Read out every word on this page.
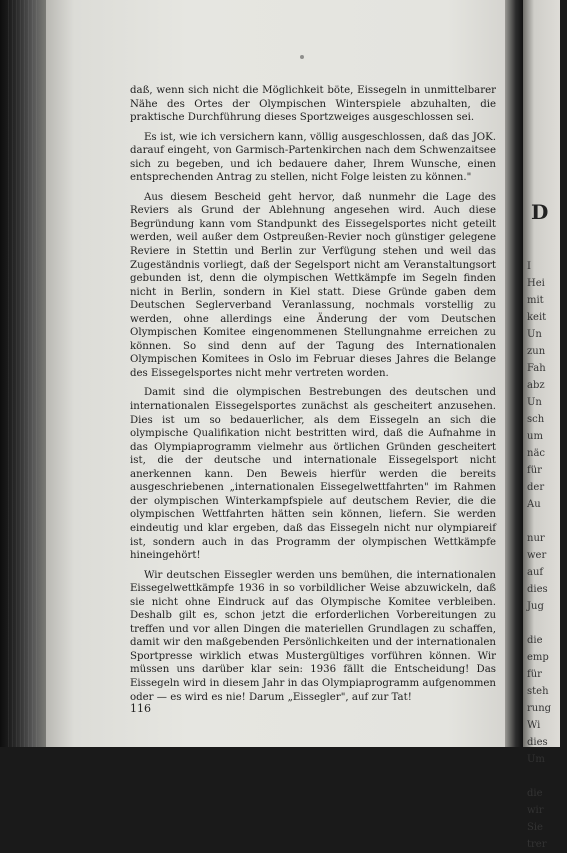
daß, wenn sich nicht die Möglichkeit böte, Eissegeln in unmittelbarer Nähe des Ortes der Olympischen Winterspiele abzuhalten, die praktische Durchführung dieses Sportzweiges ausgeschlossen sei.

Es ist, wie ich versichern kann, völlig ausgeschlossen, daß das JOK. darauf eingeht, von Garmisch-Partenkirchen nach dem Schwenzaitsee sich zu begeben, und ich bedauere daher, Ihrem Wunsche, einen entsprechenden Antrag zu stellen, nicht Folge leisten zu können."

Aus diesem Bescheid geht hervor, daß nunmehr die Lage des Reviers als Grund der Ablehnung angesehen wird. Auch diese Begründung kann vom Standpunkt des Eissegelsportes nicht geteilt werden, weil außer dem Ostpreußen-Revier noch günstiger gelegene Reviere in Stettin und Berlin zur Verfügung stehen und weil das Zugeständnis vorliegt, daß der Segelsport nicht am Veranstaltungsort gebunden ist, denn die olympischen Wettkämpfe im Segeln finden nicht in Berlin, sondern in Kiel statt. Diese Gründe gaben dem Deutschen Seglerverband Veranlassung, nochmals vorstellig zu werden, ohne allerdings eine Änderung der vom Deutschen Olympischen Komitee eingenommenen Stellungnahme erreichen zu können. So sind denn auf der Tagung des Internationalen Olympischen Komitees in Oslo im Februar dieses Jahres die Belange des Eissegelsportes nicht mehr vertreten worden.

Damit sind die olympischen Bestrebungen des deutschen und internationalen Eissegelsportes zunächst als gescheitert anzusehen. Dies ist um so bedauerlicher, als dem Eissegeln an sich die olympische Qualifikation nicht bestritten wird, daß die Aufnahme in das Olympiaprogramm vielmehr aus örtlichen Gründen gescheitert ist, die der deutsche und internationale Eissegelsport nicht anerkennen kann. Den Beweis hierfür werden die bereits ausgeschriebenen „internationalen Eissegelwettfahrten" im Rahmen der olympischen Winterkampfspiele auf deutschem Revier, die die olympischen Wettfahrten hätten sein können, liefern. Sie werden eindeutig und klar ergeben, daß das Eissegeln nicht nur olympiareif ist, sondern auch in das Programm der olympischen Wettkämpfe hineingehört!

Wir deutschen Eissegler werden uns bemühen, die internationalen Eissegelwettkämpfe 1936 in so vorbildlicher Weise abzuwickeln, daß sie nicht ohne Eindruck auf das Olympische Komitee verbleiben. Deshalb gilt es, schon jetzt die erforderlichen Vorbereitungen zu treffen und vor allen Dingen die materiellen Grundlagen zu schaffen, damit wir den maßgebenden Persönlichkeiten und der internationalen Sportpresse wirklich etwas Mustergültiges vorführen können. Wir müssen uns darüber klar sein: 1936 fällt die Entscheidung! Das Eissegeln wird in diesem Jahr in das Olympiaprogramm aufgenommen oder — es wird es nie! Darum „Eissegler", auf zur Tat!

116
D
I
Hei
mit
keit
Un
zun
Fah
abz
Un
sch
um
näc
für
der
Au

nur
wer
auf
dies
Jug

die
emp
für
steh
rung
Wi
dies
Um

die
wir
Sie
trer
